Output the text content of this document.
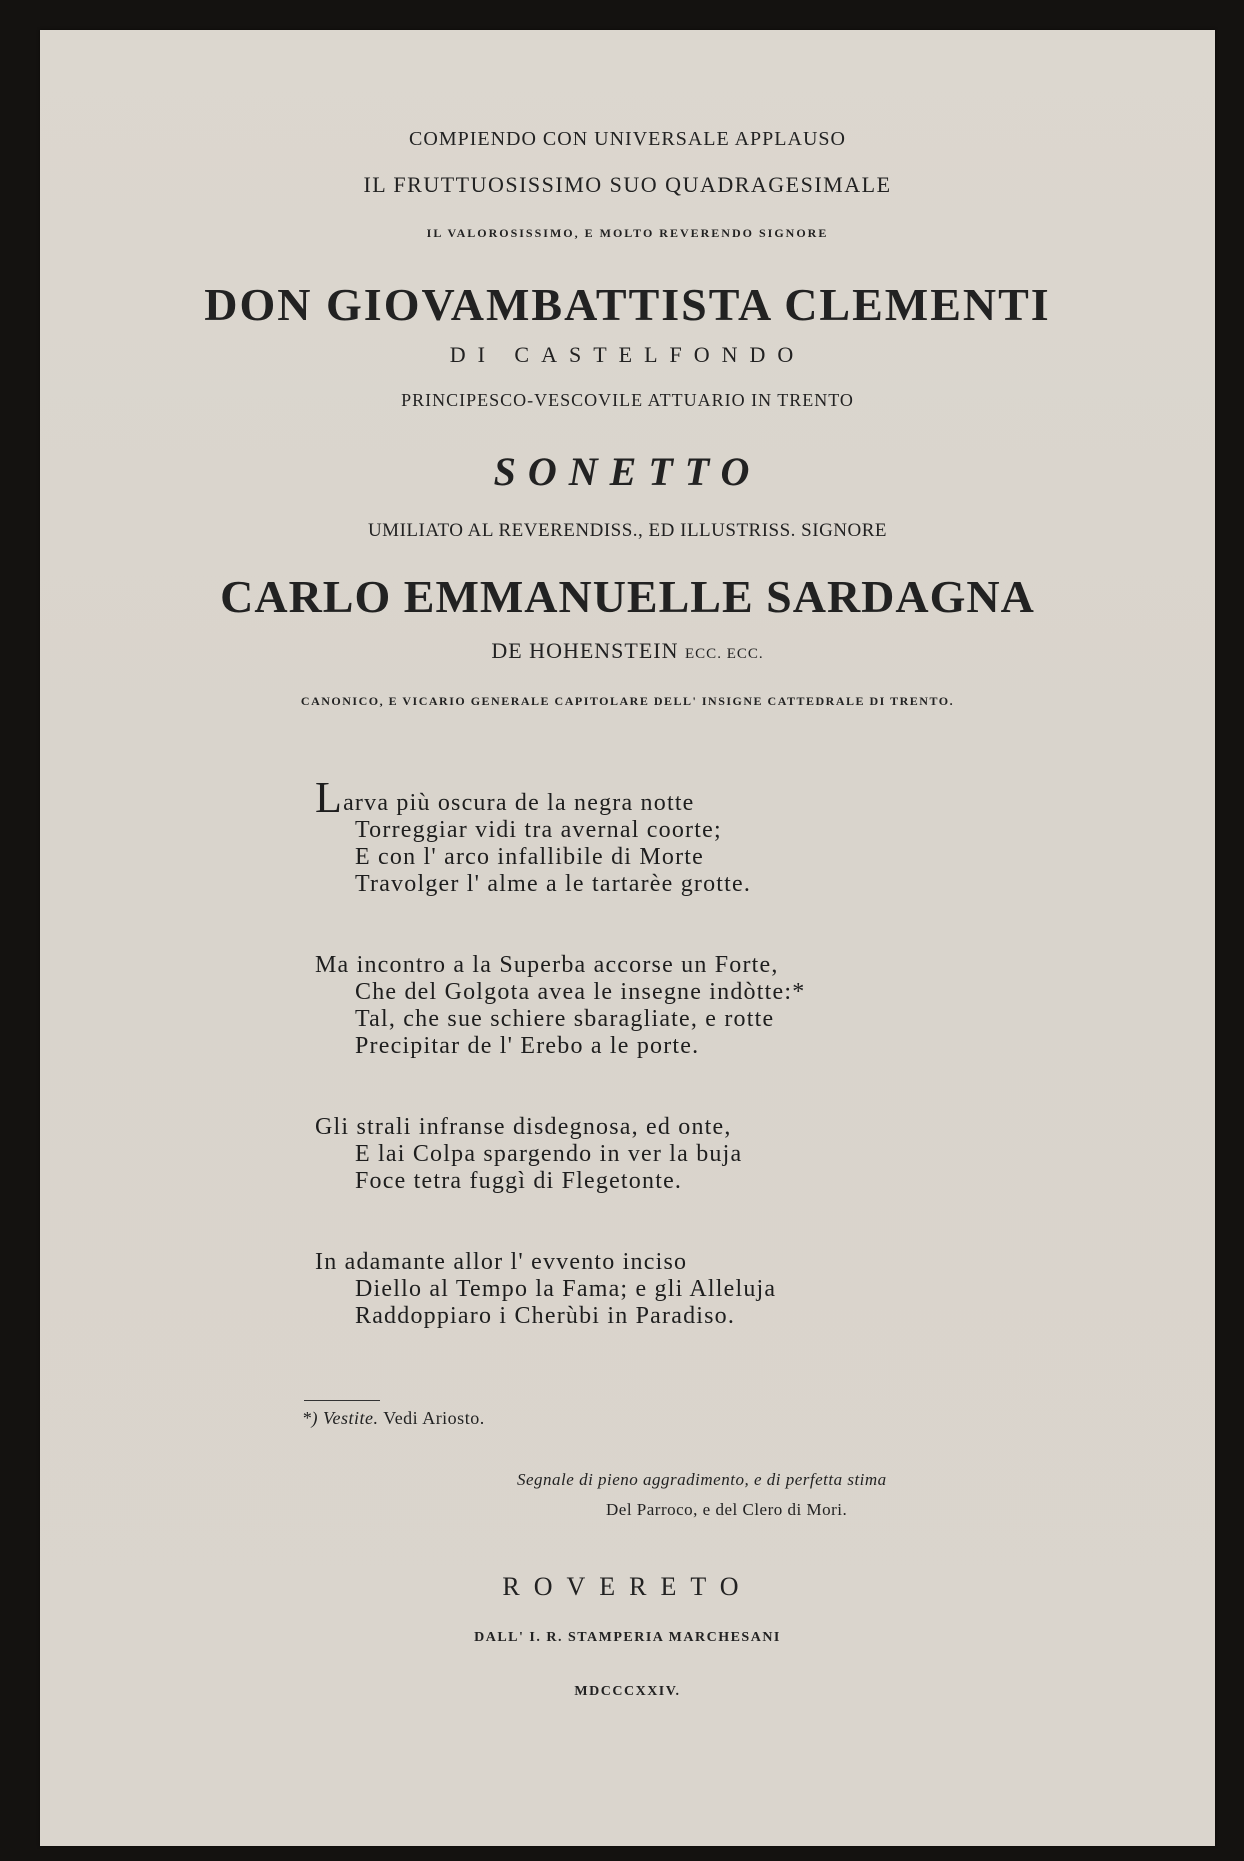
COMPIENDO CON UNIVERSALE APPLAUSO
IL FRUTTUOSISSIMO SUO QUADRAGESIMALE
IL VALOROSISSIMO, E MOLTO REVERENDO SIGNORE
DON GIOVAMBATTISTA CLEMENTI
DI CASTELFONDO
PRINCIPESCO-VESCOVILE ATTUARIO IN TRENTO
SONETTO
UMILIATO AL REVERENDISS., ED ILLUSTRISS. SIGNORE
CARLO EMMANUELLE SARDAGNA
DE HOHENSTEIN ECC. ECC.
CANONICO, E VICARIO GENERALE CAPITOLARE DELL' INSIGNE CATTEDRALE DI TRENTO.
Larva più oscura de la negra notte
Torreggiar vidi tra avernal coorte;
E con l' arco infallibile di Morte
Travolger l' alme a le tartarèe grotte.
Ma incontro a la Superba accorse un Forte,
Che del Golgota avea le insegne indòtte:*
Tal, che sue schiere sbaragliate, e rotte
Precipitar de l' Erebo a le porte.
Gli strali infranse disdegnosa, ed onte,
E lai Colpa spargendo in ver la buja
Foce tetra fuggì di Flegetonte.
In adamante allor l' evvento inciso
Diello al Tempo la Fama; e gli Alleluja
Raddoppiaro i Cherùbi in Paradiso.
*) Vestite. Vedi Ariosto.
Segnale di pieno aggradimento, e di perfetta stima
Del Parroco, e del Clero di Mori.
ROVERETO
DALL' I. R. STAMPERIA MARCHESANI
MDCCCXXIV.
